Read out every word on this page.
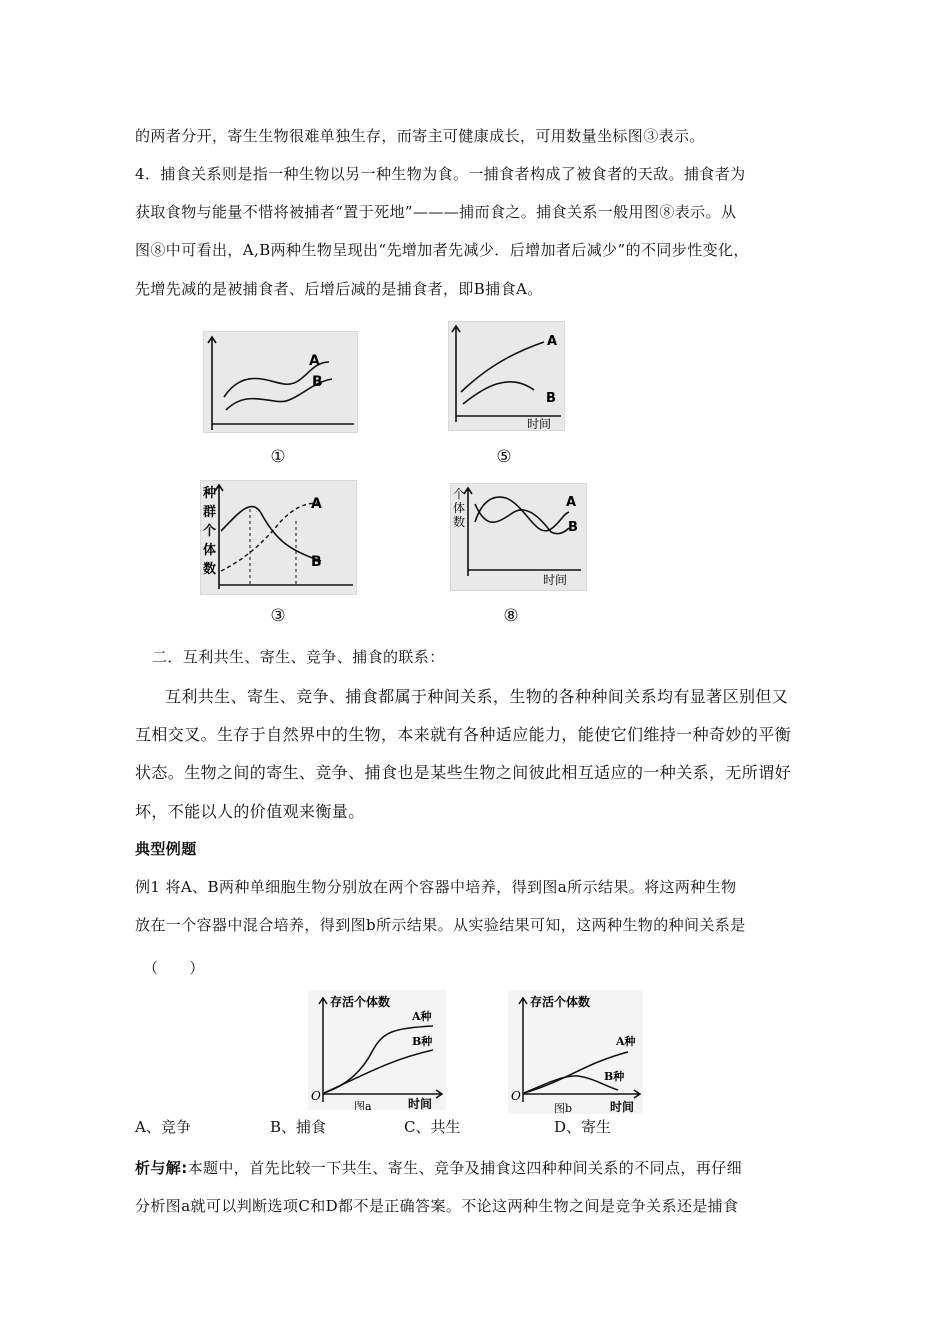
的两者分开，寄生生物很难单独生存，而寄主可健康成长，可用数量坐标图③表示。
4．捕食关系则是指一种生物以另一种生物为食。一捕食者构成了被食者的天敌。捕食者为
获取食物与能量不惜将被捕者“置于死地”———捕而食之。捕食关系一般用图⑧表示。从
图⑧中可看出，A,B两种生物呈现出“先增加者先减少．后增加者后减少”的不同步性变化，
先增先减的是被捕食者、后增后减的是捕食者，即B捕食A。
A
B
①
A
B
时间
⑤
种
群
个
体
数
A
B
③
个
体
数
A
B
时间
⑧
二．互利共生、寄生、竞争、捕食的联系：
互利共生、寄生、竞争、捕食都属于种间关系，生物的各种种间关系均有显著区别但又
互相交叉。生存于自然界中的生物，本来就有各种适应能力，能使它们维持一种奇妙的平衡
状态。生物之间的寄生、竞争、捕食也是某些生物之间彼此相互适应的一种关系，无所谓好
坏，不能以人的价值观来衡量。
典型例题
例1 将A、B两种单细胞生物分别放在两个容器中培养，得到图a所示结果。将这两种生物
放在一个容器中混合培养，得到图b所示结果。从实验结果可知，这两种生物的种间关系是
（　　）
存活个体数
O
时间
图a
A种
B种
存活个体数
O
时间
图b
A种
B种
A、竞争	B、捕食	C、共生	D、寄生
析与解:本题中，首先比较一下共生、寄生、竞争及捕食这四种种间关系的不同点，再仔细
分析图a就可以判断选项C和D都不是正确答案。不论这两种生物之间是竞争关系还是捕食
